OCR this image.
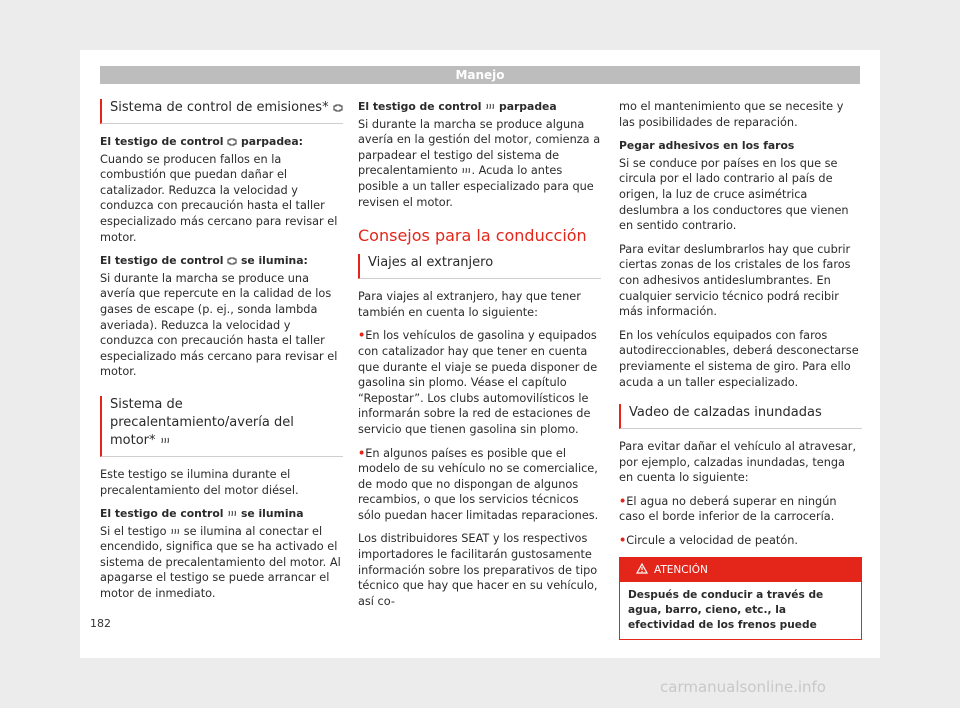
Manejo
Sistema de control de emisiones*
El testigo de control parpadea:

Cuando se producen fallos en la combustión que puedan dañar el catalizador. Reduzca la velocidad y conduzca con precaución hasta el taller especializado más cercano para revisar el motor.

El testigo de control se ilumina:

Si durante la marcha se produce una avería que repercute en la calidad de los gases de escape (p. ej., sonda lambda averiada). Reduzca la velocidad y conduzca con precaución hasta el taller especializado más cercano para revisar el motor.

Sistema de precalentamiento/avería del motor*

Este testigo se ilumina durante el precalentamiento del motor diésel.

El testigo de control se ilumina

Si el testigo se ilumina al conectar el encendido, significa que se ha activado el sistema de precalentamiento del motor. Al apagarse el testigo se puede arrancar el motor de inmediato.

El testigo de control parpadea

Si durante la marcha se produce alguna avería en la gestión del motor, comienza a parpadear el testigo del sistema de precalentamiento . Acuda lo antes posible a un taller especializado para que revisen el motor.

Consejos para la conducción
Viajes al extranjero

Para viajes al extranjero, hay que tener también en cuenta lo siguiente:

• En los vehículos de gasolina y equipados con catalizador hay que tener en cuenta que durante el viaje se pueda disponer de gasolina sin plomo. Véase el capítulo “Repostar”. Los clubs automovilísticos le informarán sobre la red de estaciones de servicio que tienen gasolina sin plomo.

• En algunos países es posible que el modelo de su vehículo no se comercialice, de modo que no dispongan de algunos recambios, o que los servicios técnicos sólo puedan hacer limitadas reparaciones.

Los distribuidores SEAT y los respectivos importadores le facilitarán gustosamente información sobre los preparativos de tipo técnico que hay que hacer en su vehículo, así co-

mo el mantenimiento que se necesite y las posibilidades de reparación.

Pegar adhesivos en los faros

Si se conduce por países en los que se circula por el lado contrario al país de origen, la luz de cruce asimétrica deslumbra a los conductores que vienen en sentido contrario.

Para evitar deslumbrarlos hay que cubrir ciertas zonas de los cristales de los faros con adhesivos antideslumbrantes. En cualquier servicio técnico podrá recibir más información.

En los vehículos equipados con faros autodireccionables, deberá desconectarse previamente el sistema de giro. Para ello acuda a un taller especializado.

Vadeo de calzadas inundadas

Para evitar dañar el vehículo al atravesar, por ejemplo, calzadas inundadas, tenga en cuenta lo siguiente:

• El agua no deberá superar en ningún caso el borde inferior de la carrocería.

• Circule a velocidad de peatón.

ATENCIÓN
Después de conducir a través de agua, barro, cieno, etc., la efectividad de los frenos puede
182
carmanualsonline.info
